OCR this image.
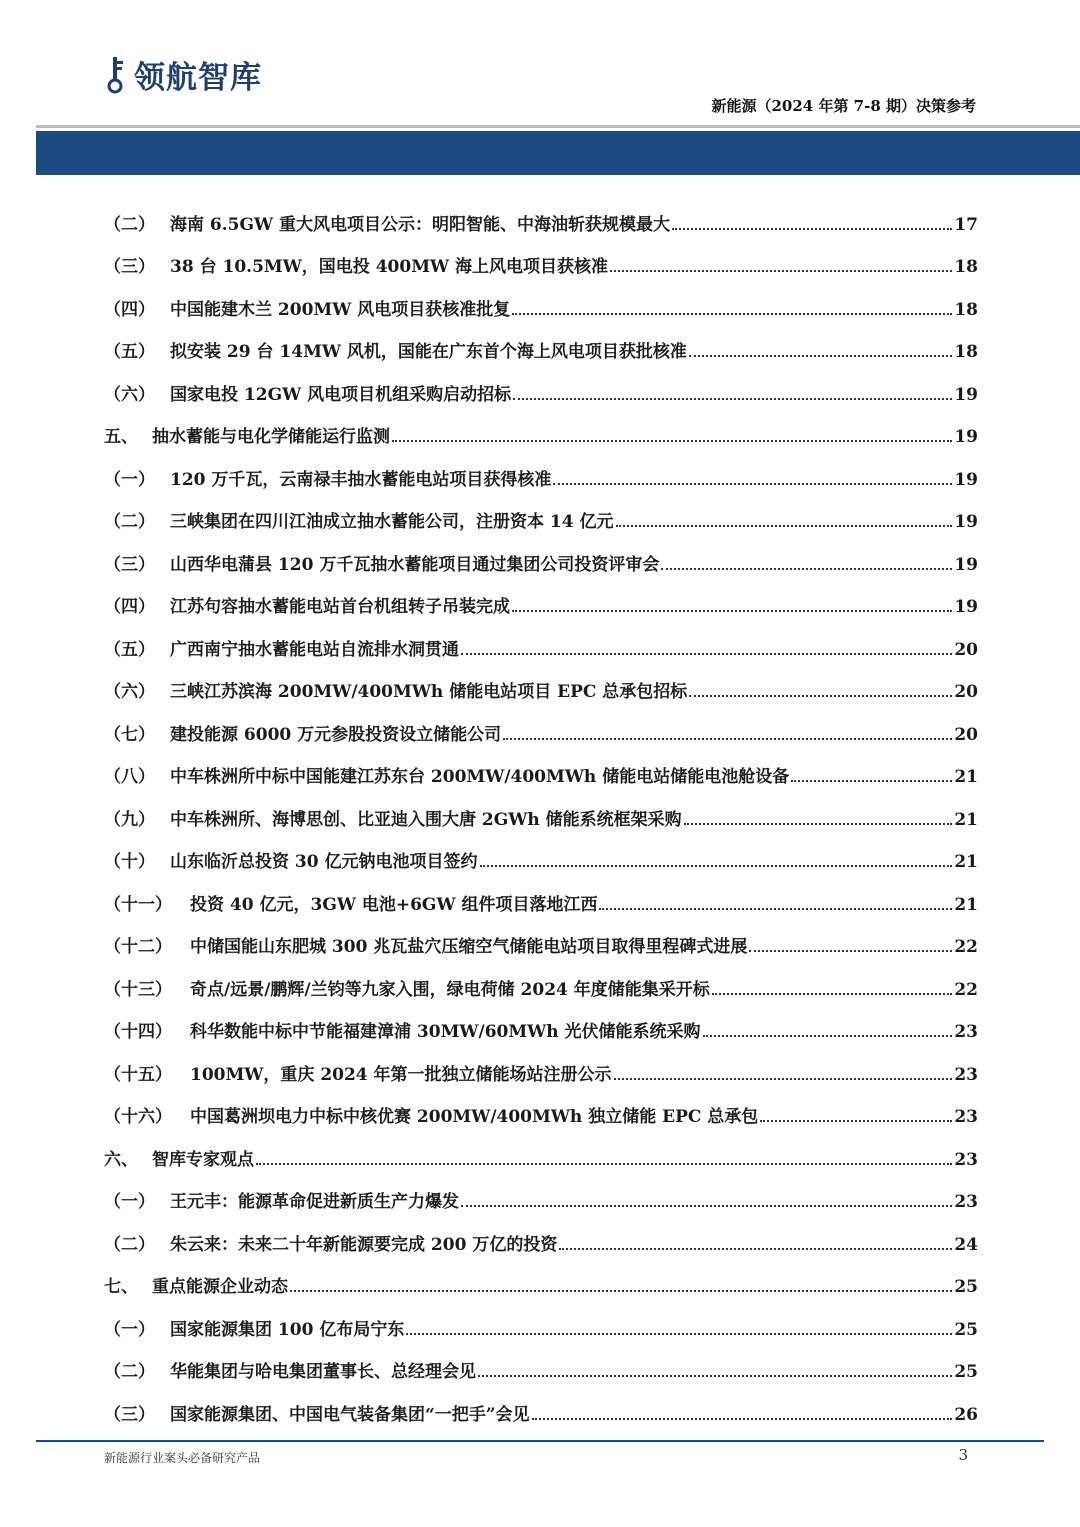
领航智库
新能源（2024 年第 7-8 期）决策参考
（二） 海南 6.5GW 重大风电项目公示：明阳智能、中海油斩获规模最大	17
（三） 38 台 10.5MW，国电投 400MW 海上风电项目获核准	18
（四） 中国能建木兰 200MW 风电项目获核准批复	18
（五） 拟安装 29 台 14MW 风机，国能在广东首个海上风电项目获批核准	18
（六） 国家电投 12GW 风电项目机组采购启动招标	19
五、 抽水蓄能与电化学储能运行监测	19
（一） 120 万千瓦，云南禄丰抽水蓄能电站项目获得核准	19
（二） 三峡集团在四川江油成立抽水蓄能公司，注册资本 14 亿元	19
（三） 山西华电蒲县 120 万千瓦抽水蓄能项目通过集团公司投资评审会	19
（四） 江苏句容抽水蓄能电站首台机组转子吊装完成	19
（五） 广西南宁抽水蓄能电站自流排水洞贯通	20
（六） 三峡江苏滨海 200MW/400MWh 储能电站项目 EPC 总承包招标	20
（七） 建投能源 6000 万元参股投资设立储能公司	20
（八） 中车株洲所中标中国能建江苏东台 200MW/400MWh 储能电站储能电池舱设备	21
（九） 中车株洲所、海博思创、比亚迪入围大唐 2GWh 储能系统框架采购	21
（十） 山东临沂总投资 30 亿元钠电池项目签约	21
（十一）	投资 40 亿元，3GW 电池+6GW 组件项目落地江西	21
（十二）	中储国能山东肥城 300 兆瓦盐穴压缩空气储能电站项目取得里程碑式进展	22
（十三）	奇点/远景/鹏辉/兰钧等九家入围，绿电荷储 2024 年度储能集采开标	22
（十四）	科华数能中标中节能福建漳浦 30MW/60MWh 光伏储能系统采购	23
（十五）	100MW，重庆 2024 年第一批独立储能场站注册公示	23
（十六）	中国葛洲坝电力中标中核优赛 200MW/400MWh 独立储能 EPC 总承包	23
六、 智库专家观点	23
（一） 王元丰：能源革命促进新质生产力爆发	23
（二） 朱云来：未来二十年新能源要完成 200 万亿的投资	24
七、 重点能源企业动态	25
（一） 国家能源集团 100 亿布局宁东	25
（二） 华能集团与哈电集团董事长、总经理会见	25
（三） 国家能源集团、中国电气装备集团“一把手”会见	26
新能源行业案头必备研究产品	3
